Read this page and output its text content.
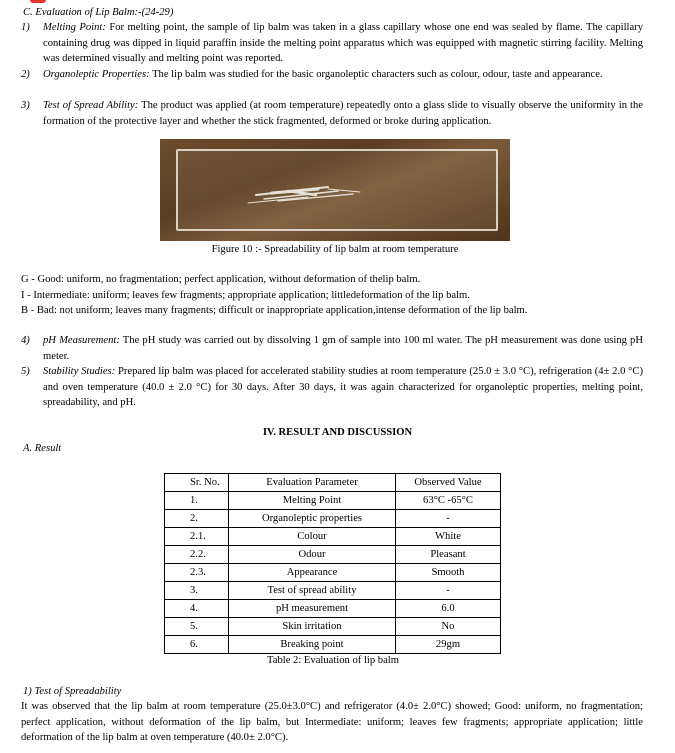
C. Evaluation of Lip Balm:-(24-29)
1) Melting Point: For melting point, the sample of lip balm was taken in a glass capillary whose one end was sealed by flame. The capillary containing drug was dipped in liquid paraffin inside the melting point apparatus which was equipped with magnetic stirring facility. Melting was determined visually and melting point was reported.
2) Organoleptic Properties: The lip balm was studied for the basic organoleptic characters such as colour, odour, taste and appearance.
3) Test of Spread Ability: The product was applied (at room temperature) repeatedly onto a glass slide to visually observe the uniformity in the formation of the protective layer and whether the stick fragmented, deformed or broke during application.
Figure 10 :- Spreadability of lip balm at room temperature
G - Good: uniform, no fragmentation; perfect application, without deformation of thelip balm.
I - Intermediate: uniform; leaves few fragments; appropriate application; littledeformation of the lip balm.
B - Bad: not uniform; leaves many fragments; difficult or inappropriate application,intense deformation of the lip balm.
4) pH Measurement: The pH study was carried out by dissolving 1 gm of sample into 100 ml water. The pH measurement was done using pH meter.
5) Stability Studies: Prepared lip balm was placed for accelerated stability studies at room temperature (25.0 ± 3.0 °C), refrigeration (4± 2.0 °C) and oven temperature (40.0 ± 2.0 °C) for 30 days. After 30 days, it was again characterized for organoleptic properties, melting point, spreadability, and pH.
IV. RESULT AND DISCUSSION
A. Result
Sr. No.	Evaluation Parameter	Observed Value
1.	Melting Point	63°C -65°C
2.	Organoleptic properties	-
2.1.	Colour	White
2.2.	Odour	Pleasant
2.3.	Appearance	Smooth
3.	Test of spread ability	-
4.	pH measurement	6.0
5.	Skin irritation	No
6.	Breaking point	29gm
Table 2: Evaluation of lip balm
1) Test of Spreadability
It was observed that the lip balm at room temperature (25.0±3.0°C) and refrigerator (4.0± 2.0°C) showed; Good: uniform, no fragmentation; perfect application, without deformation of the lip balm, but Intermediate: uniform; leaves few fragments; appropriate application; little deformation of the lip balm at oven temperature (40.0± 2.0°C).
